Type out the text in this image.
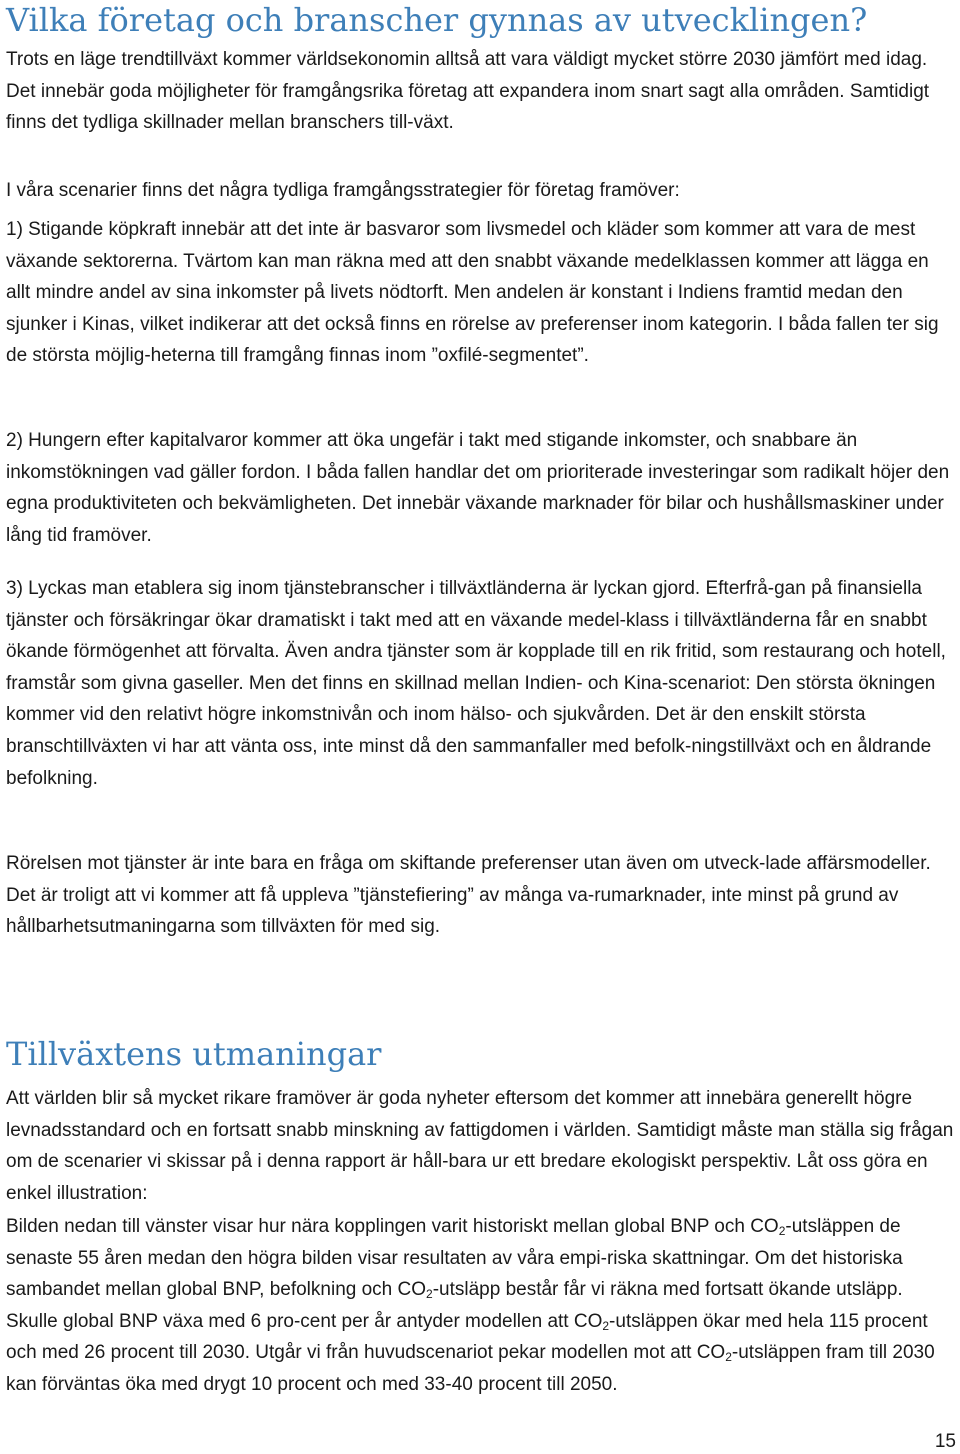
Vilka företag och branscher gynnas av utvecklingen?

Trots en läge trendtillväxt kommer världsekonomin alltså att vara väldigt mycket större 2030 jämfört med idag. Det innebär goda möjligheter för framgångsrika företag att expandera inom snart sagt alla områden. Samtidigt finns det tydliga skillnader mellan branschers till-växt.

I våra scenarier finns det några tydliga framgångsstrategier för företag framöver:

1) Stigande köpkraft innebär att det inte är basvaror som livsmedel och kläder som kommer att vara de mest växande sektorerna. Tvärtom kan man räkna med att den snabbt växande medelklassen kommer att lägga en allt mindre andel av sina inkomster på livets nödtorft. Men andelen är konstant i Indiens framtid medan den sjunker i Kinas, vilket indikerar att det också finns en rörelse av preferenser inom kategorin. I båda fallen ter sig de största möjlig-heterna till framgång finnas inom ”oxfilé-segmentet”.

2) Hungern efter kapitalvaror kommer att öka ungefär i takt med stigande inkomster, och snabbare än inkomstökningen vad gäller fordon. I båda fallen handlar det om prioriterade investeringar som radikalt höjer den egna produktiviteten och bekvämligheten. Det innebär växande marknader för bilar och hushållsmaskiner under lång tid framöver.

3) Lyckas man etablera sig inom tjänstebranscher i tillväxtländerna är lyckan gjord. Efterfrå-gan på finansiella tjänster och försäkringar ökar dramatiskt i takt med att en växande medel-klass i tillväxtländerna får en snabbt ökande förmögenhet att förvalta. Även andra tjänster som är kopplade till en rik fritid, som restaurang och hotell, framstår som givna gaseller. Men det finns en skillnad mellan Indien- och Kina-scenariot: Den största ökningen kommer vid den relativt högre inkomstnivån och inom hälso- och sjukvården. Det är den enskilt största branschtillväxten vi har att vänta oss, inte minst då den sammanfaller med befolk-ningstillväxt och en åldrande befolkning.

Rörelsen mot tjänster är inte bara en fråga om skiftande preferenser utan även om utveck-lade affärsmodeller. Det är troligt att vi kommer att få uppleva ”tjänstefiering” av många va-rumarknader, inte minst på grund av hållbarhetsutmaningarna som tillväxten för med sig.

Tillväxtens utmaningar

Att världen blir så mycket rikare framöver är goda nyheter eftersom det kommer att innebära generellt högre levnadsstandard och en fortsatt snabb minskning av fattigdomen i världen. Samtidigt måste man ställa sig frågan om de scenarier vi skissar på i denna rapport är håll-bara ur ett bredare ekologiskt perspektiv. Låt oss göra en enkel illustration:

Bilden nedan till vänster visar hur nära kopplingen varit historiskt mellan global BNP och $CO_2$-utsläppen de senaste 55 åren medan den högra bilden visar resultaten av våra empi-riska skattningar. Om det historiska sambandet mellan global BNP, befolkning och $CO_2$-utsläpp består får vi räkna med fortsatt ökande utsläpp. Skulle global BNP växa med 6 pro-cent per år antyder modellen att $CO_2$-utsläppen ökar med hela 115 procent och med 26 procent till 2030. Utgår vi från huvudscenariot pekar modellen mot att $CO_2$-utsläppen fram till 2030 kan förväntas öka med drygt 10 procent och med 33-40 procent till 2050.

15
